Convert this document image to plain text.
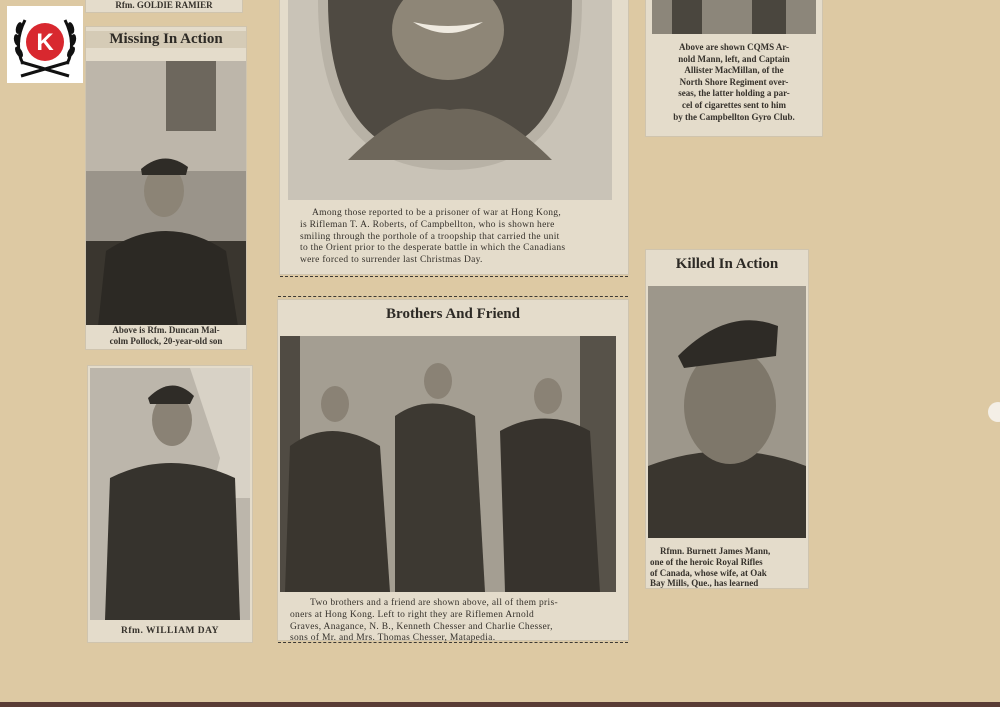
K
Rfm. GOLDIE RAMIER
Missing In Action

Above is Rfm. Duncan Mal-

colm Pollock, 20-year-old son

Rfm. WILLIAM DAY

Among those reported to be a prisoner of war at Hong Kong,

is Rifleman T. A. Roberts, of Campbellton, who is shown here

smiling through the porthole of a troopship that carried the unit

to the Orient prior to the desperate battle in which the Canadians

were forced to surrender last Christmas Day.

Above are shown CQMS Ar-

nold Mann, left, and Captain

Allister MacMillan, of the

North Shore Regiment over-

seas, the latter holding a par-

cel of cigarettes sent to him

by the Campbellton Gyro Club.

Brothers And Friend

Two brothers and a friend are shown above, all of them pris-

oners at Hong Kong. Left to right they are Riflemen Arnold

Graves, Anagance, N. B., Kenneth Chesser and Charlie Chesser,

sons of Mr. and Mrs. Thomas Chesser, Matapedia.

Killed In Action

Rfmn. Burnett James Mann,

one of the heroic Royal Rifles

of Canada, whose wife, at Oak

Bay Mills, Que., has learned
